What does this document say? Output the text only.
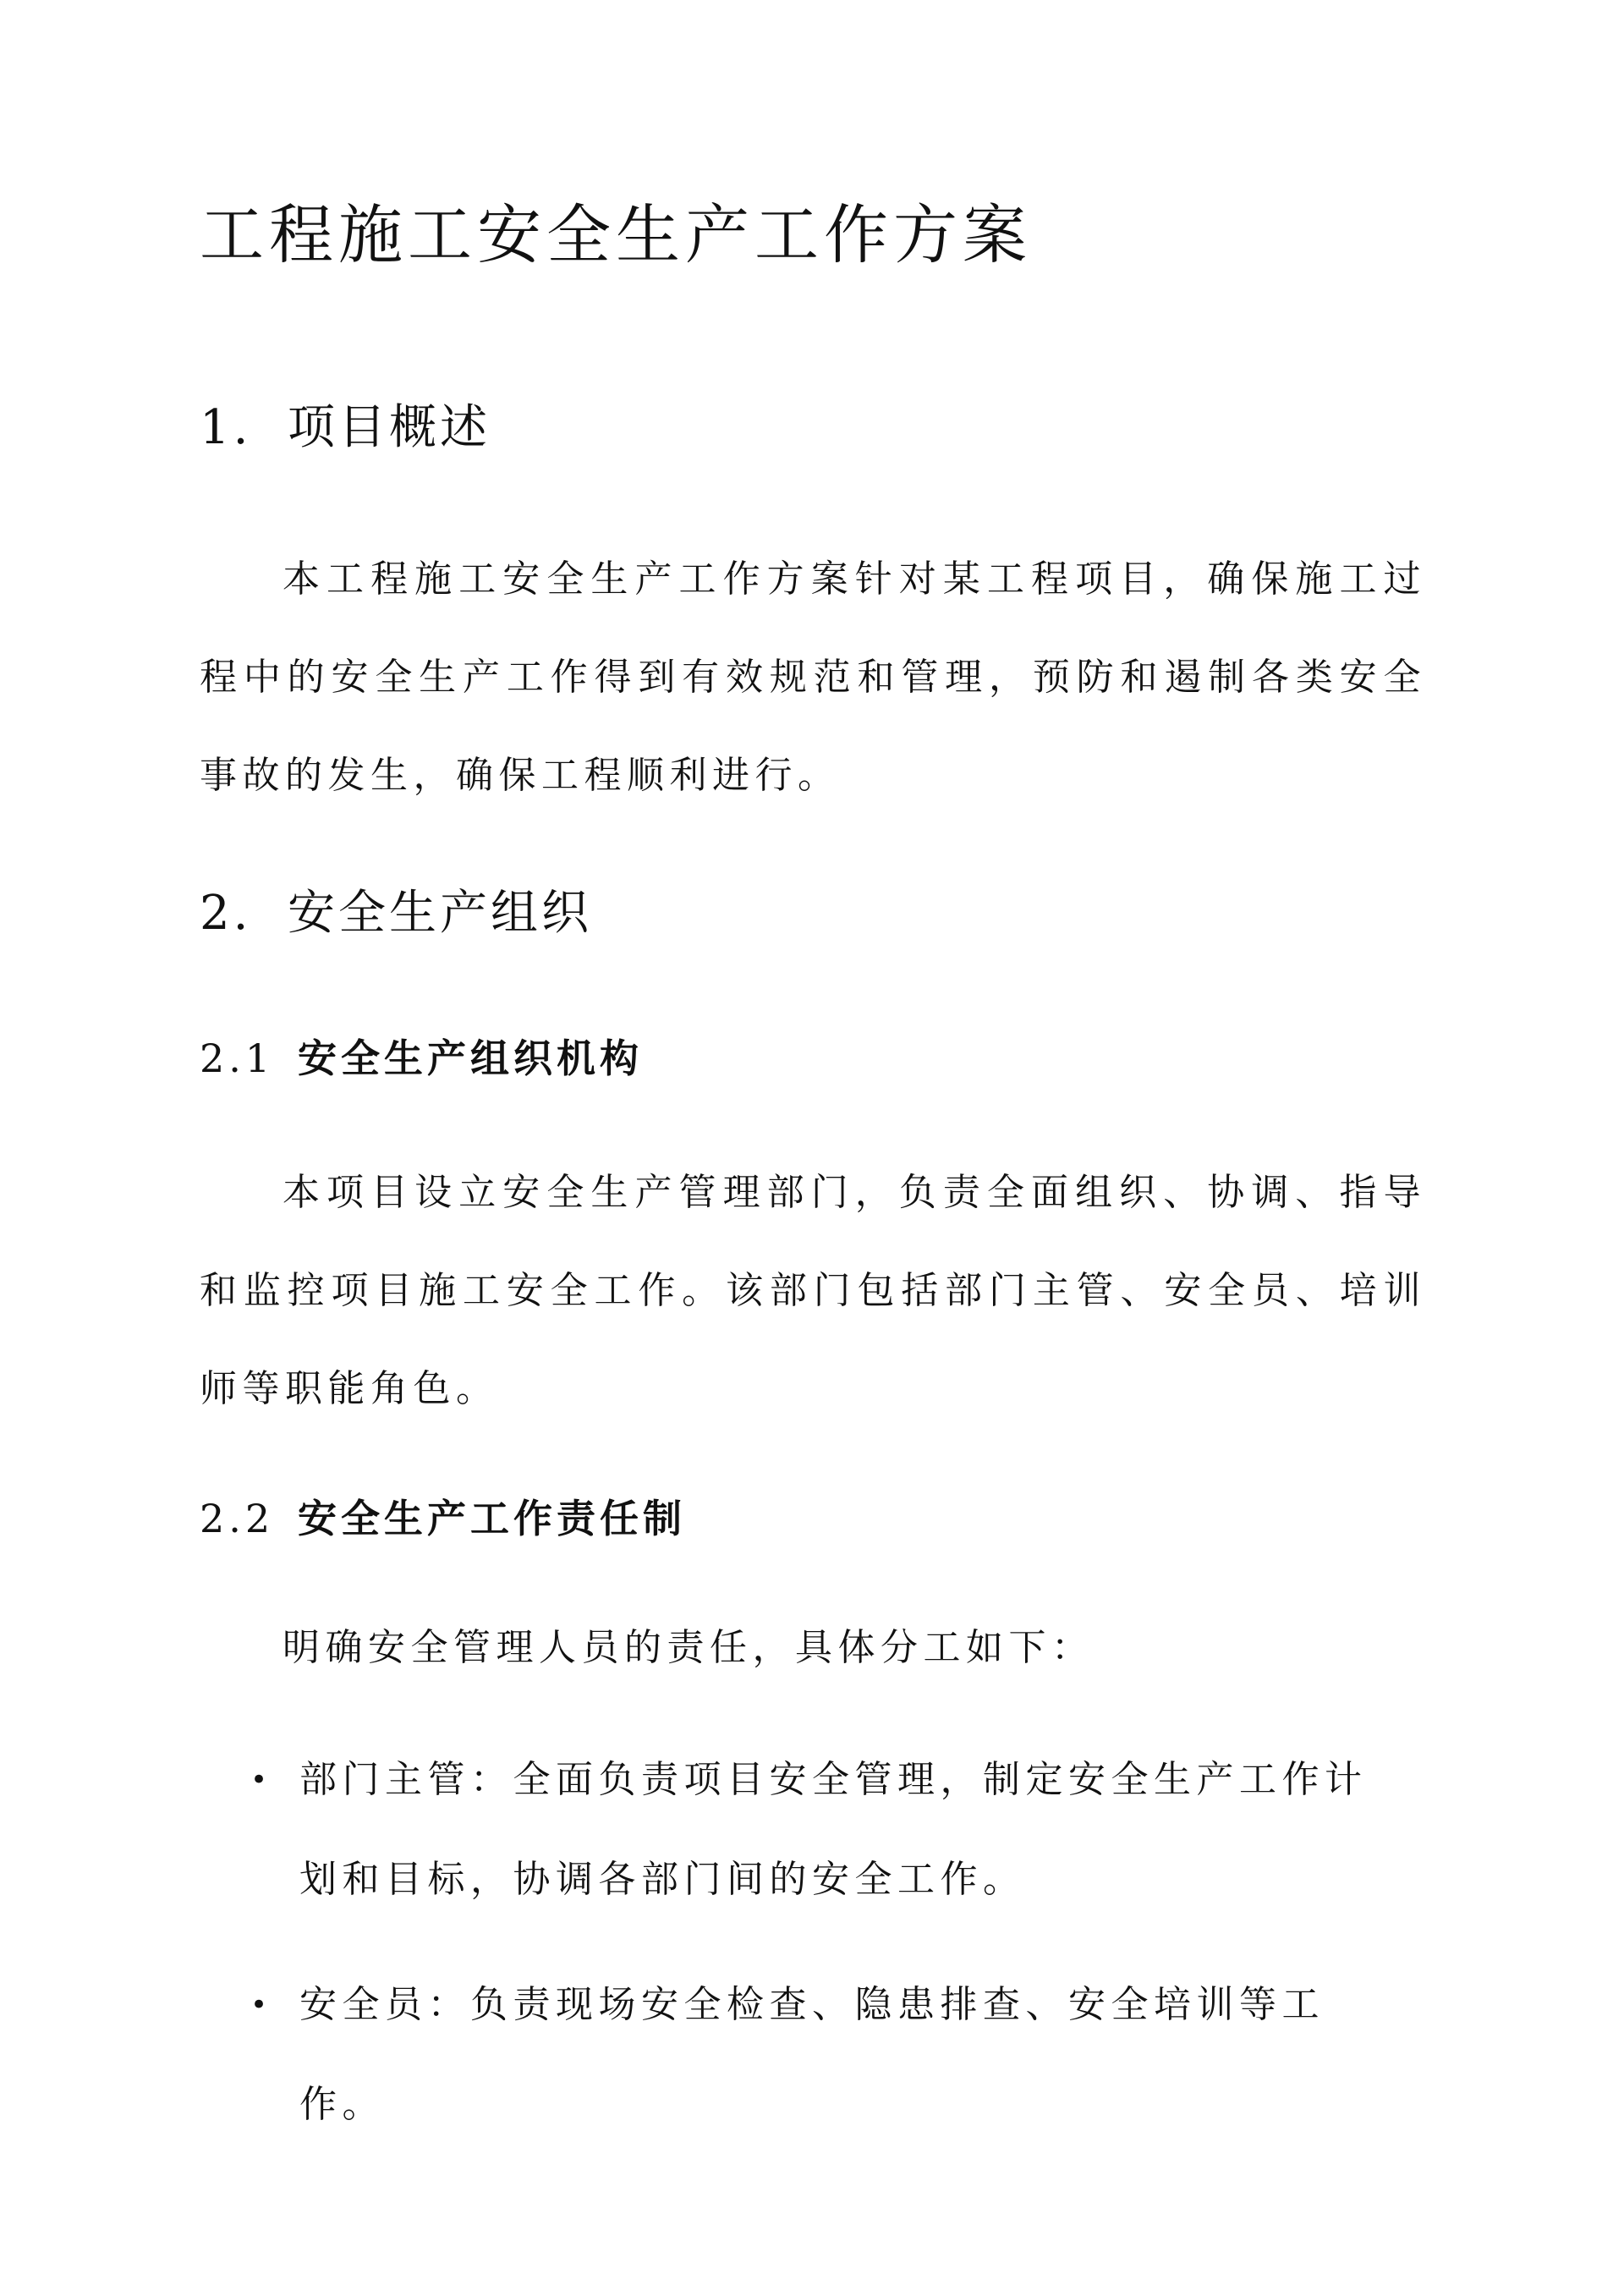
工程施工安全生产工作方案
1. 项目概述

本工程施工安全生产工作方案针对某工程项目，确保施工过程中的安全生产工作得到有效规范和管理，预防和遏制各类安全事故的发生，确保工程顺利进行。

2. 安全生产组织
2.1 安全生产组织机构

本项目设立安全生产管理部门，负责全面组织、协调、指导和监控项目施工安全工作。该部门包括部门主管、安全员、培训师等职能角色。

2.2 安全生产工作责任制

明确安全管理人员的责任，具体分工如下：

• 部门主管：全面负责项目安全管理，制定安全生产工作计划和目标，协调各部门间的安全工作。
• 安全员：负责现场安全检查、隐患排查、安全培训等工作。
